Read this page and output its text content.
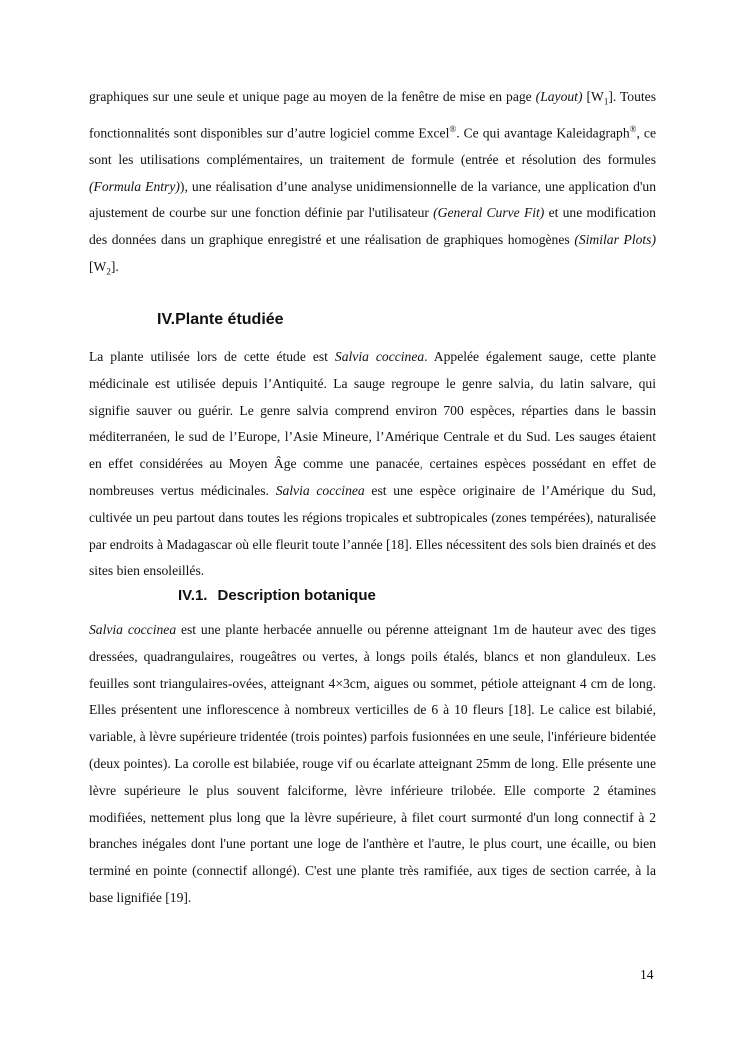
graphiques sur une seule et unique page au moyen de la fenêtre de mise en page (Layout) $[W_1]$. Toutes fonctionnalités sont disponibles sur d’autre logiciel comme Excel®. Ce qui avantage Kaleidagraph®, ce sont les utilisations complémentaires, un traitement de formule (entrée et résolution des formules (Formula Entry)), une réalisation d’une analyse unidimensionnelle de la variance, une application d'un ajustement de courbe sur une fonction définie par l'utilisateur (General Curve Fit) et une modification des données dans un graphique enregistré et une réalisation de graphiques homogènes (Similar Plots) $[W_2]$.

IV.Plante étudiée

La plante utilisée lors de cette étude est Salvia coccinea. Appelée également sauge, cette plante médicinale est utilisée depuis l’Antiquité. La sauge regroupe le genre salvia, du latin salvare, qui signifie sauver ou guérir. Le genre salvia comprend environ 700 espèces, réparties dans le bassin méditerranéen, le sud de l’Europe, l’Asie Mineure, l’Amérique Centrale et du Sud. Les sauges étaient en effet considérées au Moyen Âge comme une panacée, certaines espèces possédant en effet de nombreuses vertus médicinales. Salvia coccinea est une espèce originaire de l’Amérique du Sud, cultivée un peu partout dans toutes les régions tropicales et subtropicales (zones tempérées), naturalisée par endroits à Madagascar où elle fleurit toute l’année [18]. Elles nécessitent des sols bien drainés et des sites bien ensoleillés.

IV.1. Description botanique

Salvia coccinea est une plante herbacée annuelle ou pérenne atteignant 1m de hauteur avec des tiges dressées, quadrangulaires, rougeâtres ou vertes, à longs poils étalés, blancs et non glanduleux. Les feuilles sont triangulaires-ovées, atteignant 4×3cm, aigues ou sommet, pétiole atteignant 4 cm de long. Elles présentent une inflorescence à nombreux verticilles de 6 à 10 fleurs [18]. Le calice est bilabié, variable, à lèvre supérieure tridentée (trois pointes) parfois fusionnées en une seule, l'inférieure bidentée (deux pointes). La corolle est bilabiée, rouge vif ou écarlate atteignant 25mm de long. Elle présente une lèvre supérieure le plus souvent falciforme, lèvre inférieure trilobée. Elle comporte 2 étamines modifiées, nettement plus long que la lèvre supérieure, à filet court surmonté d'un long connectif à 2 branches inégales dont l'une portant une loge de l'anthère et l'autre, le plus court, une écaille, ou bien terminé en pointe (connectif allongé). C'est une plante très ramifiée, aux tiges de section carrée, à la base lignifiée [19].

14
